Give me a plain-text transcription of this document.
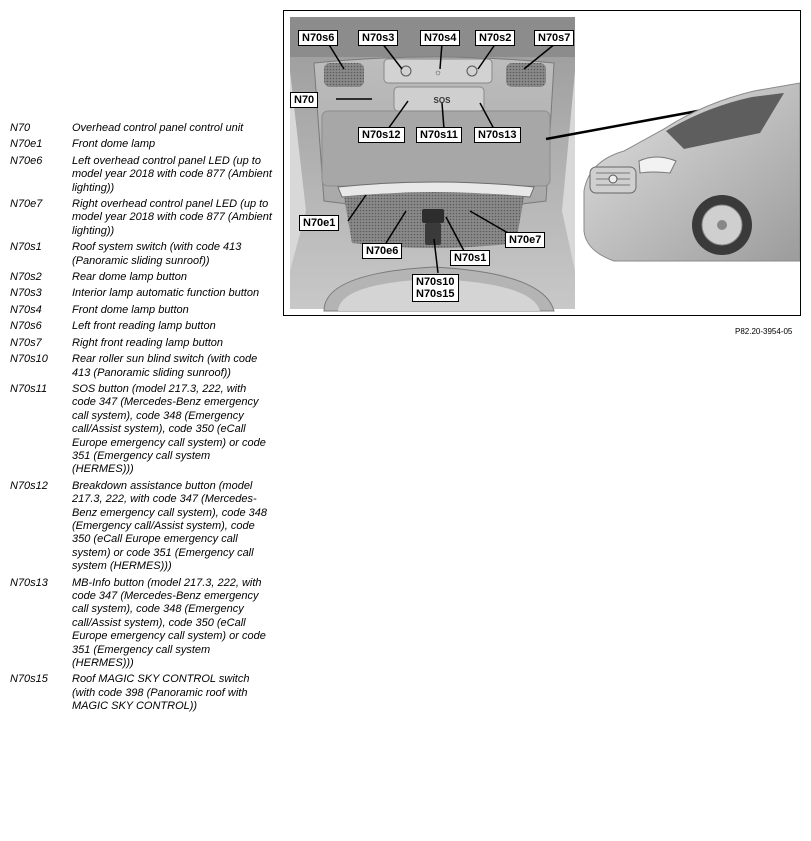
N70	Overhead control panel control unit
N70e1	Front dome lamp
N70e6	Left overhead control panel LED (up to model year 2018 with code 877 (Ambient lighting))
N70e7	Right overhead control panel LED (up to model year 2018 with code 877 (Ambient lighting))
N70s1	Roof system switch (with code 413 (Panoramic sliding sunroof))
N70s2	Rear dome lamp button
N70s3	Interior lamp automatic function button
N70s4	Front dome lamp button
N70s6	Left front reading lamp button
N70s7	Right front reading lamp button
N70s10	Rear roller sun blind switch (with code 413 (Panoramic sliding sunroof))
N70s11	SOS button (model 217.3, 222, with code 347 (Mercedes-Benz emergency call system), code 348 (Emergency call/Assist system), code 350 (eCall Europe emergency call system) or code 351 (Emergency call system (HERMES)))
N70s12	Breakdown assistance button (model 217.3, 222, with code 347 (Mercedes-Benz emergency call system), code 348 (Emergency call/Assist system), code 350 (eCall Europe emergency call system) or code 351 (Emergency call system (HERMES)))
N70s13	MB-Info button (model 217.3, 222, with code 347 (Mercedes-Benz emergency call system), code 348 (Emergency call/Assist system), code 350 (eCall Europe emergency call system) or code 351 (Emergency call system (HERMES)))
N70s15	Roof MAGIC SKY CONTROL switch (with code 398 (Panoramic roof with MAGIC SKY CONTROL))
☼
SOS
N70s6	N70s3	N70s4	N70s2	N70s7
N70
N70s12	N70s11	N70s13
N70e1
N70e6
N70e7
N70s1
N70s10
N70s15
P82.20-3954-05
